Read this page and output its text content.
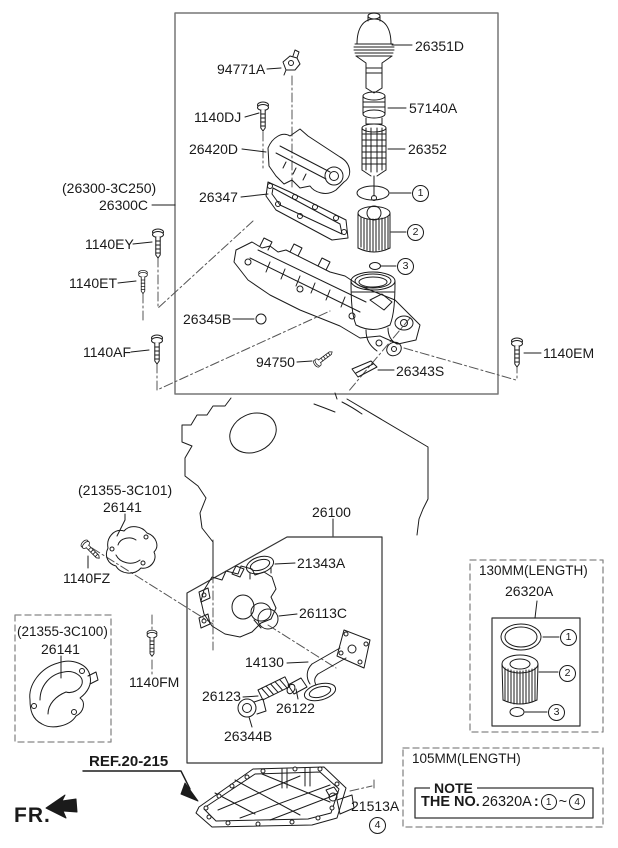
26351D
94771A
1140DJ
26420D
(26300-3C250)
26300C	26347
57140A
26352
1140EY
1140ET
26345B
1140AF
94750
26343S
1140EM
(21355-3C101)
26141
1140FZ
26100
21343A
26113C
14130
26123
26122
26344B
1140FM
(21355-3C100)
26141
21513A
REF.20-215
FR.
130MM(LENGTH)
26320A
105MM(LENGTH)
NOTE
THE NO. 26320A : 1 ~ 4
1
2
3
4
1
2
3
